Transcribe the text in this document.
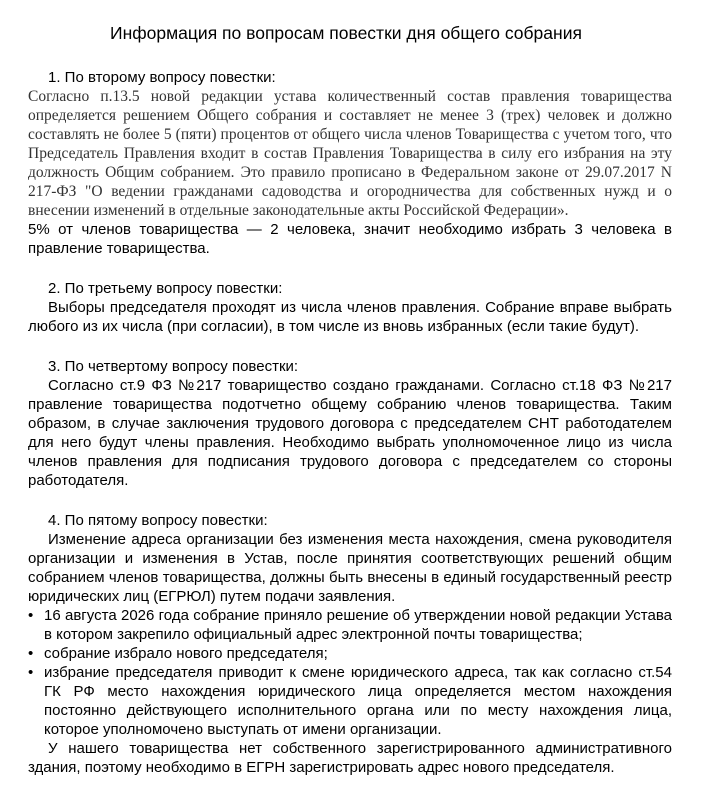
Информация по вопросам повестки дня общего собрания
1. По второму вопросу повестки:
Согласно п.13.5 новой редакции устава количественный состав правления товарищества определяется решением Общего собрания и составляет не менее 3 (трех) человек и должно составлять не более 5 (пяти) процентов от общего числа членов Товарищества с учетом того, что Председатель Правления входит в состав Правления Товарищества в силу его избрания на эту должность Общим собранием. Это правило прописано в Федеральном законе от 29.07.2017 N 217-ФЗ "О ведении гражданами садоводства и огородничества для собственных нужд и о внесении изменений в отдельные законодательные акты Российской Федерации».
5% от членов товарищества — 2 человека, значит необходимо избрать 3 человека в правление товарищества.
2. По третьему вопросу повестки:
Выборы председателя проходят из числа членов правления. Собрание вправе выбрать любого из их числа (при согласии), в том числе из вновь избранных (если такие будут).
3. По четвертому вопросу повестки:
Согласно ст.9 ФЗ №217 товарищество создано гражданами. Согласно ст.18 ФЗ №217 правление товарищества подотчетно общему собранию членов товарищества. Таким образом, в случае заключения трудового договора с председателем СНТ работодателем для него будут члены правления. Необходимо выбрать уполномоченное лицо из числа членов правления для подписания трудового договора с председателем со стороны работодателя.
4. По пятому вопросу повестки:
Изменение адреса организации без изменения места нахождения, смена руководителя организации и изменения в Устав, после принятия соответствующих решений общим собранием членов товарищества, должны быть внесены в единый государственный реестр юридических лиц (ЕГРЮЛ) путем подачи заявления.
• 16 августа 2026 года собрание приняло решение об утверждении новой редакции Устава в котором закрепило официальный адрес электронной почты товарищества;
• собрание избрало нового председателя;
• избрание председателя приводит к смене юридического адреса, так как согласно ст.54 ГК РФ место нахождения юридического лица определяется местом нахождения постоянно действующего исполнительного органа или по месту нахождения лица, которое уполномочено выступать от имени организации.
У нашего товарищества нет собственного зарегистрированного административного здания, поэтому необходимо в ЕГРН зарегистрировать адрес нового председателя.
